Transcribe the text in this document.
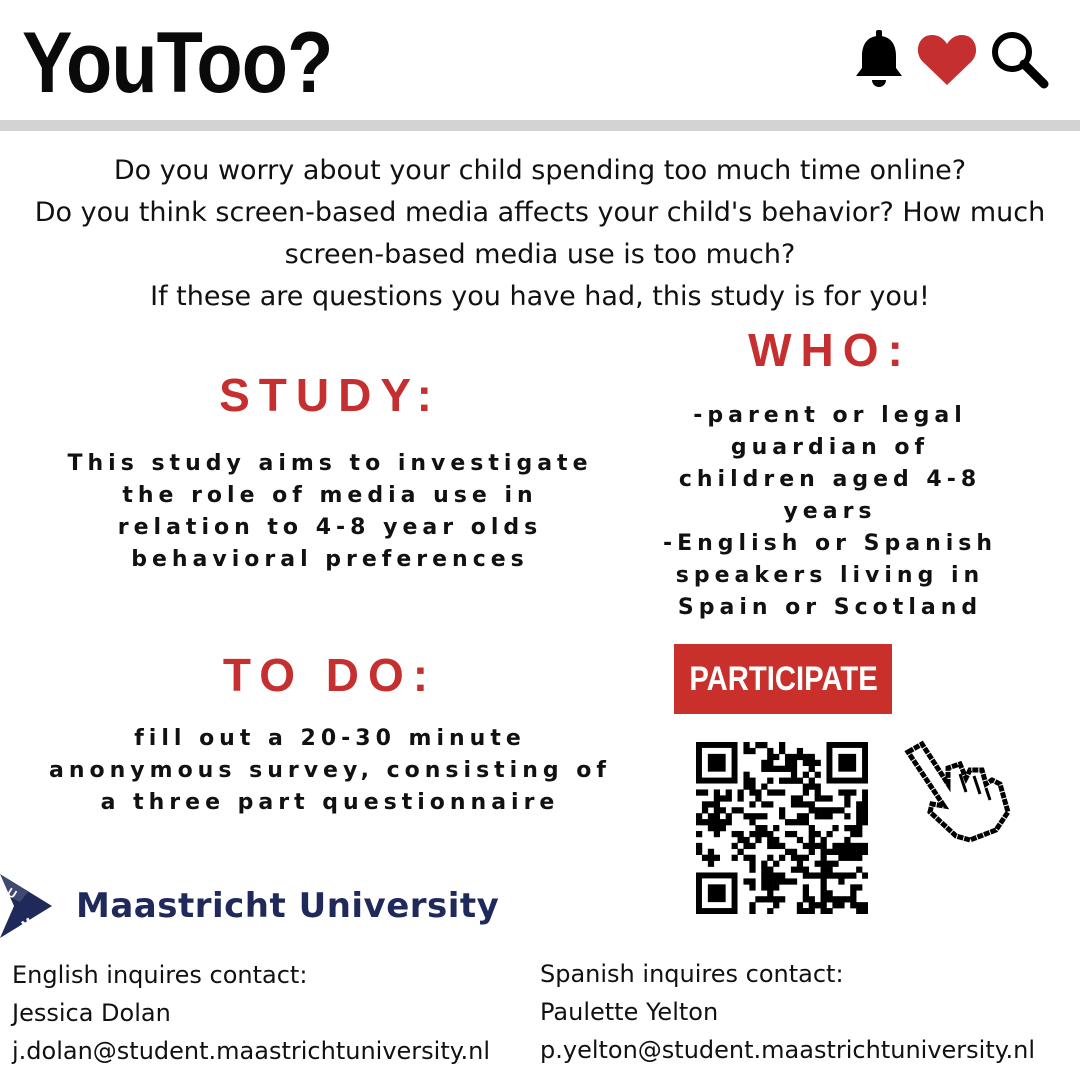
YouToo?
Do you worry about your child spending too much time online?
Do you think screen-based media affects your child's behavior? How much
screen-based media use is too much?
If these are questions you have had, this study is for you!
STUDY:
This study aims to investigate
the role of media use in
relation to 4-8 year olds
behavioral preferences
WHO:
-parent or legal
guardian of
children aged 4-8
years
-English or Spanish
speakers living in
Spain or Scotland
TO DO:
fill out a 20-30 minute
anonymous survey, consisting of
a three part questionnaire
PARTICIPATE
U
M Maastricht University
English inquires contact:
Jessica Dolan
j.dolan@student.maastrichtuniversity.nl
Spanish inquires contact:
Paulette Yelton
p.yelton@student.maastrichtuniversity.nl
